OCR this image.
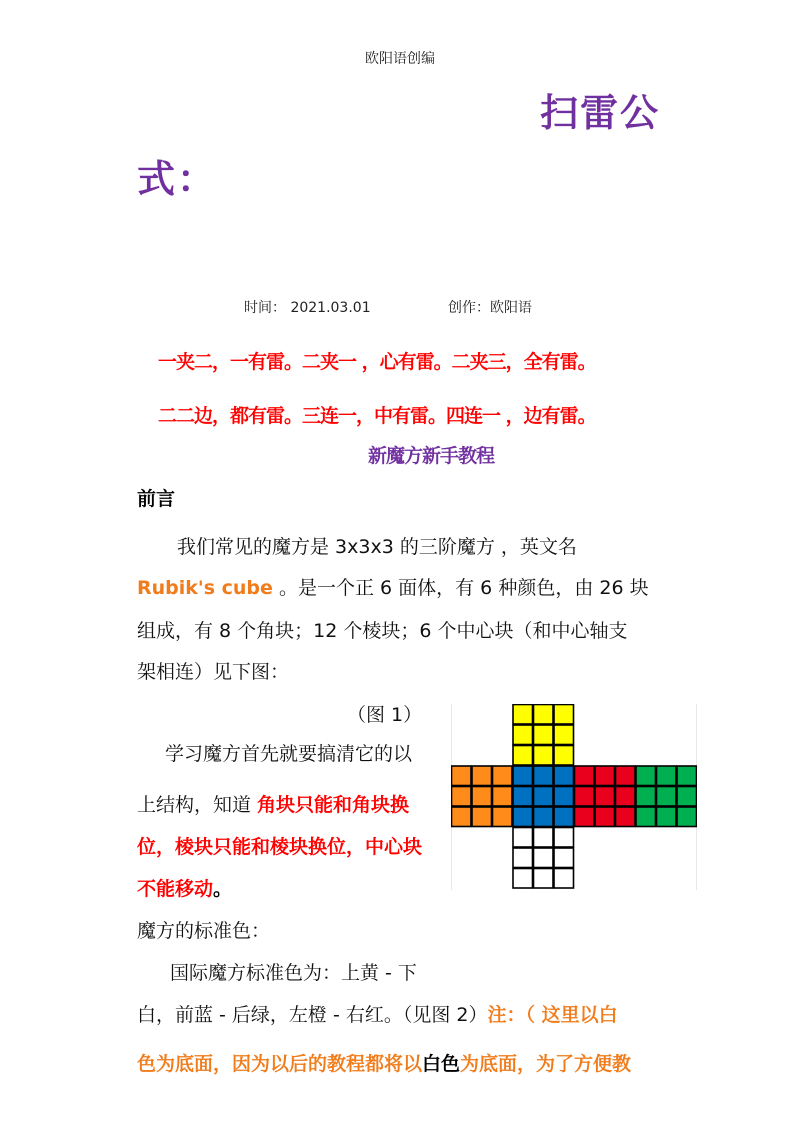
欧阳语创编
扫雷公
式：
时间： 2021.03.01	创作：欧阳语
一夹二，一有雷。二夹一 ，心有雷。二夹三，全有雷。
二二边，都有雷。三连一，中有雷。四连一 ，边有雷。
新魔方新手教程
前言
我们常见的魔方是 3x3x3 的三阶魔方 ，英文名
Rubik's cube 。是一个正 6 面体，有 6 种颜色，由 26 块
组成，有 8 个角块；12 个棱块；6 个中心块（和中心轴支
架相连）见下图：
（图 1）
学习魔方首先就要搞清它的以
上结构，知道 角块只能和角块换
位，棱块只能和棱块换位，中心块
不能移动。
魔方的标准色：
国际魔方标准色为：上黄 - 下
白，前蓝 - 后绿，左橙 - 右红。（见图 2）注：（ 这里以白
色为底面，因为以后的教程都将以白色为底面，为了方便教
